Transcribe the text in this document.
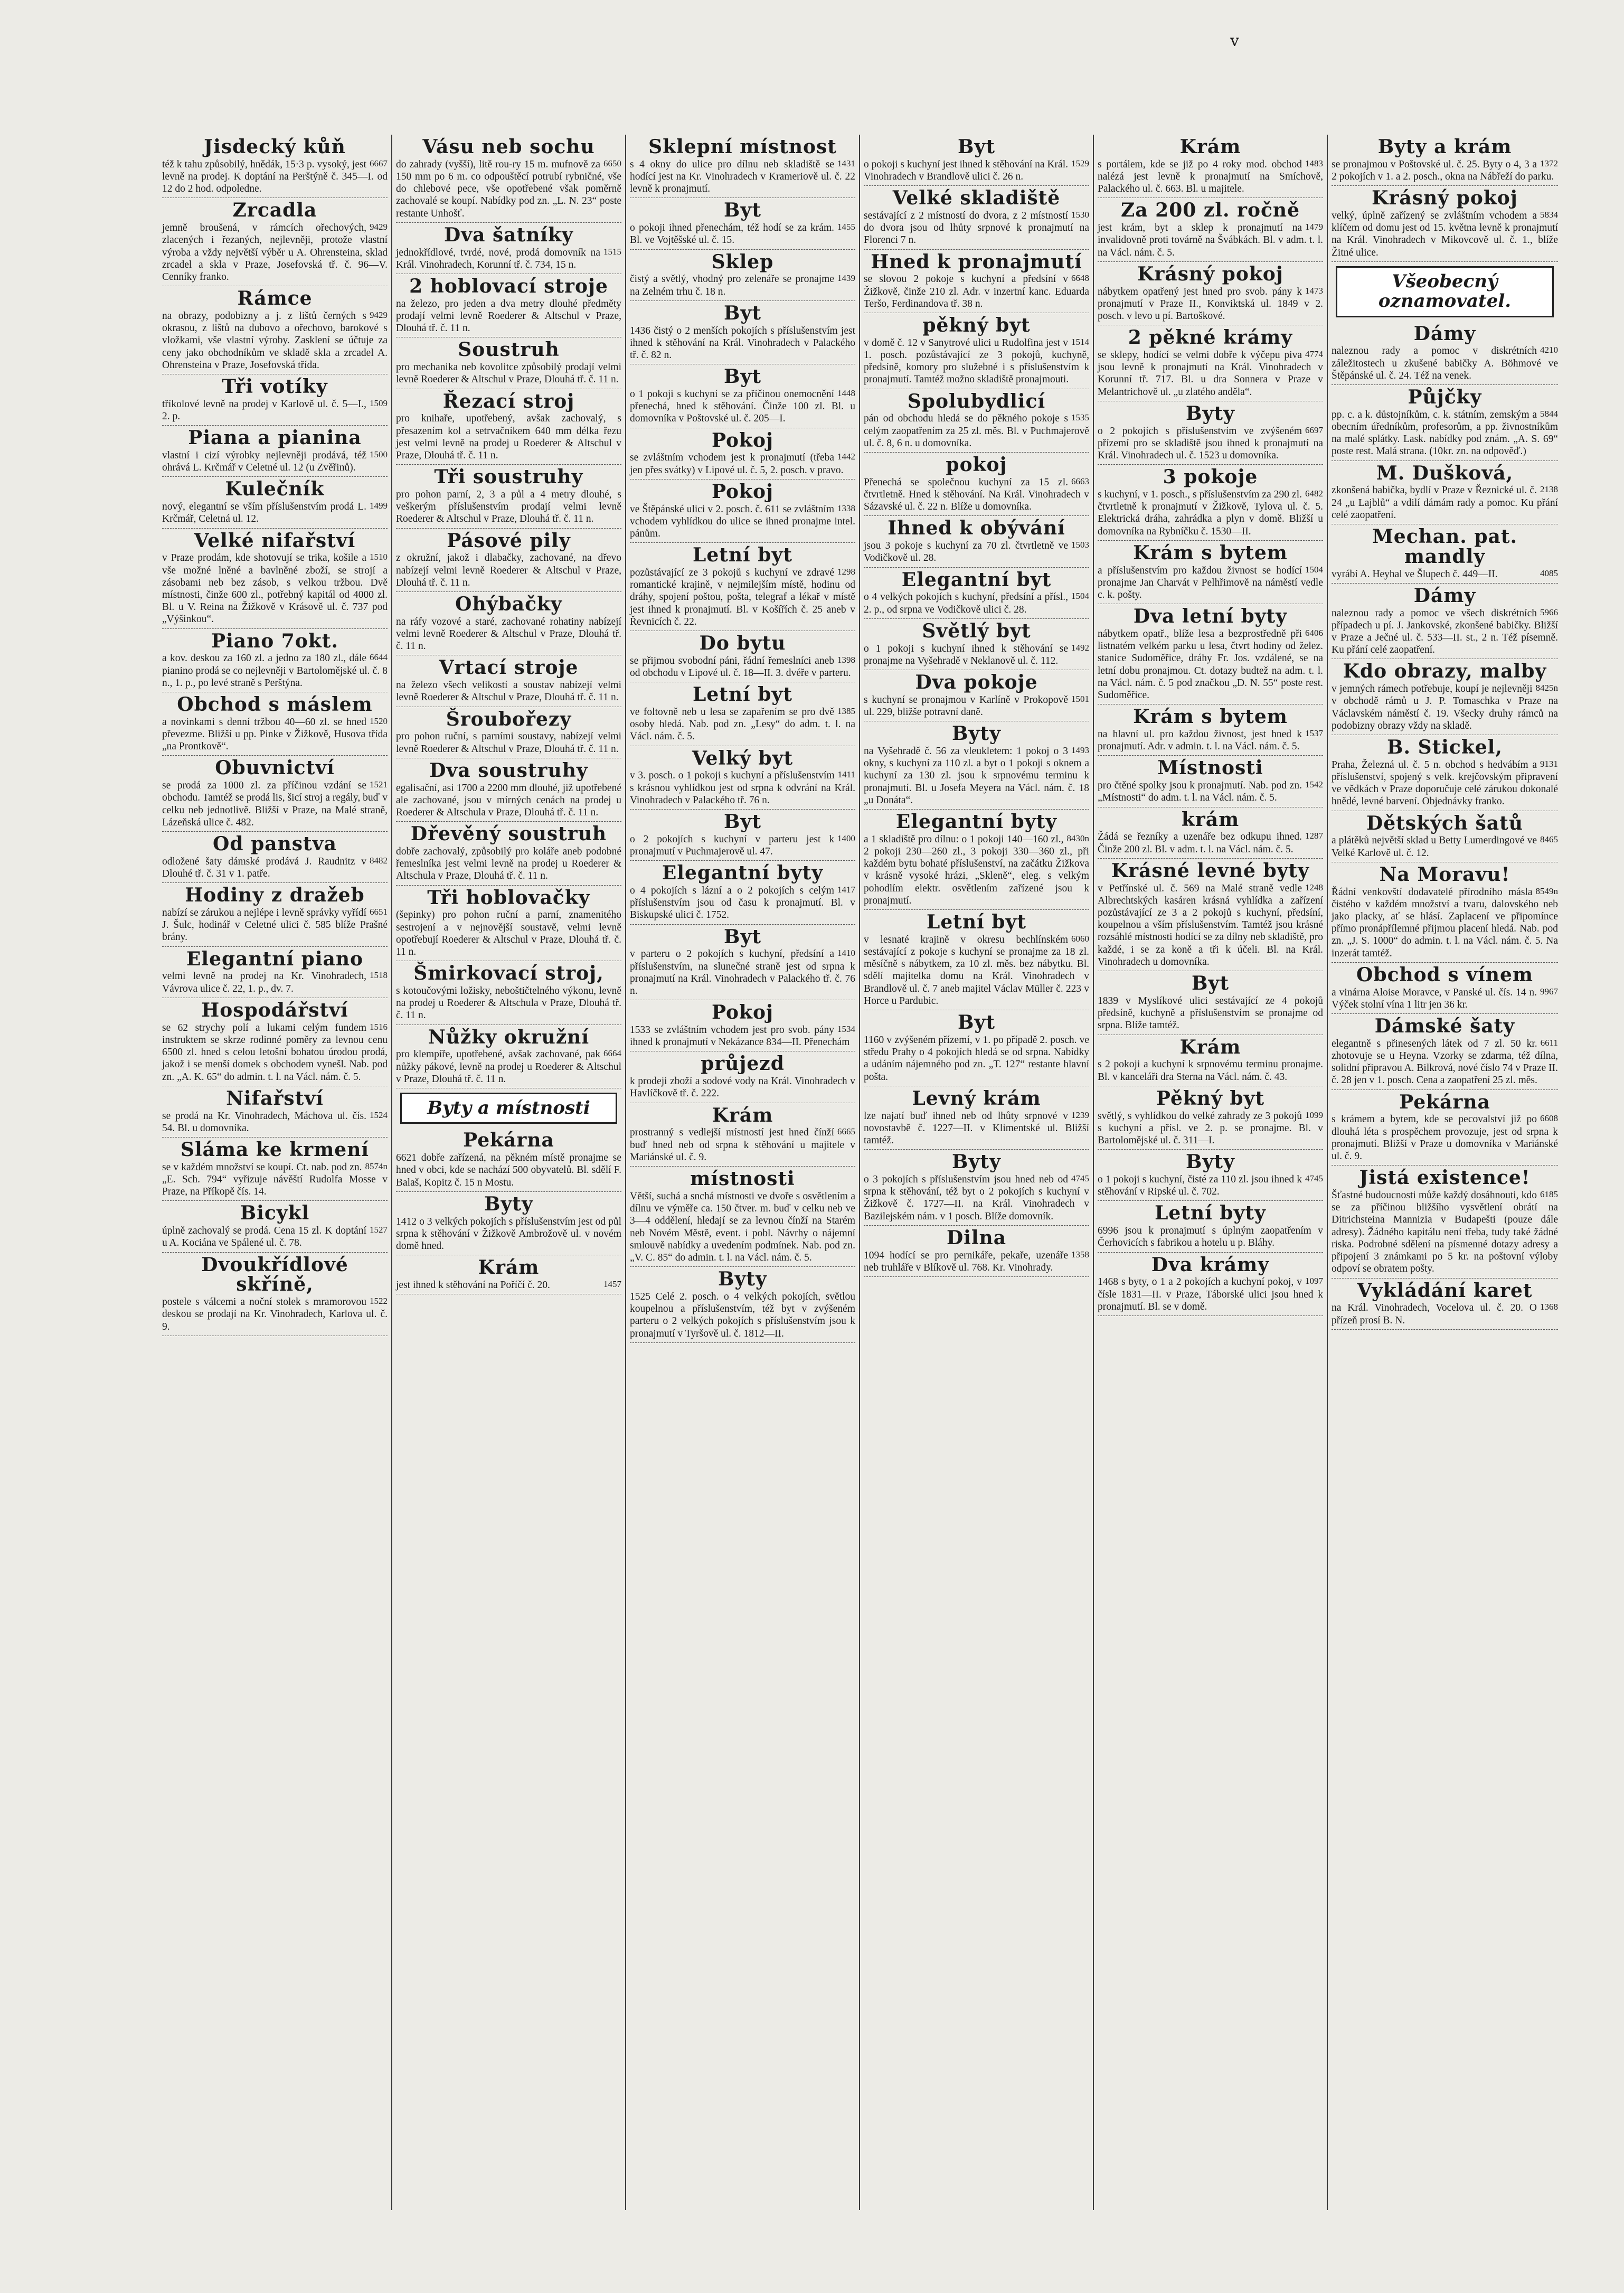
v
Jisdecký kůň
6667
též k tahu způsobilý, hnědák, 15·3 p. vysoký, jest levně na prodej. K doptání na Perštýně č. 345—I. od 12 do 2 hod. odpoledne.
Zrcadla
9429
jemně broušená, v rámcích ořechových, zlacených i řezaných, nejlevněji, protože vlastní výroba a vždy největší výběr u A. Ohrensteina, sklad zrcadel a skla v Praze, Josefovská tř. č. 96—V. Cenníky franko.
Rámce
9429
na obrazy, podobizny a j. z lištů černých s okrasou, z lištů na dubovo a ořechovo, barokové s vložkami, vše vlastní výroby. Zasklení se účtuje za ceny jako obchodníkům ve skladě skla a zrcadel A. Ohrensteina v Praze, Josefovská třída.
Tři votíky
1509
tříkolové levně na prodej v Karlově ul. č. 5—I., 2. p.
Piana a pianina
1500
vlastní i cizí výrobky nejlevněji prodává, též ohrává L. Krčmář v Celetné ul. 12 (u Zvěřinů).
Kulečník
1499
nový, elegantní se vším příslušenstvím prodá L. Krčmář, Celetná ul. 12.
Velké nifařství
1510
v Praze prodám, kde shotovují se trika, košile a vše možné lněné a bavlněné zboží, se strojí a zásobami neb bez zásob, s velkou tržbou. Dvě místnosti, činže 600 zl., potřebný kapitál od 4000 zl. Bl. u V. Reina na Žižkově v Krásově ul. č. 737 pod „Výšinkou“.
Piano 7okt.
6644
a kov. deskou za 160 zl. a jedno za 180 zl., dále pianino prodá se co nejlevněji v Bartolomějské ul. č. 8 n., 1. p., po levé straně s Perštýna.
Obchod s máslem
1520
a novinkami s denní tržbou 40—60 zl. se hned převezme. Bližší u pp. Pinke v Žižkově, Husova třída „na Prontkově“.
Obuvnictví
1521
se prodá za 1000 zl. za příčinou vzdání se obchodu. Tamtéž se prodá lis, šicí stroj a regály, buď v celku neb jednotlivě. Bližší v Praze, na Malé straně, Lázeňská ulice č. 482.
Od panstva
8482
odložené šaty dámské prodává J. Raudnitz v Dlouhé tř. č. 31 v 1. patře.
Hodiny z dražeb
6651
nabízí se zárukou a nejlépe i levně správky vyřídí J. Šulc, hodinář v Celetné ulici č. 585 blíže Prašné brány.
Elegantní piano
1518
velmi levně na prodej na Kr. Vinohradech, Vávrova ulice č. 22, 1. p., dv. 7.
Hospodářství
1516
se 62 strychy polí a lukami celým fundem instruktem se skrze rodinné poměry za levnou cenu 6500 zl. hned s celou letošní bohatou úrodou prodá, jakož i se menší domek s obchodem vynešl. Nab. pod zn. „A. K. 65“ do admin. t. l. na Václ. nám. č. 5.
Nifařství
1524
se prodá na Kr. Vinohradech, Máchova ul. čís. 54. Bl. u domovníka.
Sláma ke krmení
8574n
se v každém množství se koupí. Ct. nab. pod zn. „E. Sch. 794“ vyřizuje návěští Rudolfa Mosse v Praze, na Příkopě čís. 14.
Bicykl
1527
úplně zachovalý se prodá. Cena 15 zl. K doptání u A. Kociána ve Spálené ul. č. 78.
Dvoukřídlové skříně,
1522
postele s válcemi a noční stolek s mramorovou deskou se prodají na Kr. Vinohradech, Karlova ul. č. 9.
Vásu neb sochu
6650
do zahrady (vyšší), litě rou-ry 15 m. mufnově za 150 mm po 6 m. co odpouštěcí potrubí rybničné, vše do chlebové pece, vše opotřebené však poměrně zachovalé se koupí. Nabídky pod zn. „L. N. 23“ poste restante Unhošť.
Dva šatníky
1515
jednokřídlové, tvrdé, nové, prodá domovník na Král. Vinohradech, Korunní tř. č. 734, 15 n.
2 hoblovací stroje
na železo, pro jeden a dva metry dlouhé předměty prodají velmi levně Roederer & Altschul v Praze, Dlouhá tř. č. 11 n.
Soustruh
pro mechanika neb kovolitce způsobilý prodají velmi levně Roederer & Altschul v Praze, Dlouhá tř. č. 11 n.
Řezací stroj
pro knihaře, upotřebený, avšak zachovalý, s přesazením kol a setrvačníkem 640 mm délka řezu jest velmi levně na prodej u Roederer & Altschul v Praze, Dlouhá tř. č. 11 n.
Tři soustruhy
pro pohon parní, 2, 3 a půl a 4 metry dlouhé, s veškerým příslušenstvím prodají velmi levně Roederer & Altschul v Praze, Dlouhá tř. č. 11 n.
Pásové pily
z okružní, jakož i dlabačky, zachované, na dřevo nabízejí velmi levně Roederer & Altschul v Praze, Dlouhá tř. č. 11 n.
Ohýbačky
na ráfy vozové a staré, zachované rohatiny nabízejí velmi levně Roederer & Altschul v Praze, Dlouhá tř. č. 11 n.
Vrtací stroje
na železo všech velikostí a soustav nabízejí velmi levně Roederer & Altschul v Praze, Dlouhá tř. č. 11 n.
Šroubořezy
pro pohon ruční, s parními soustavy, nabízejí velmi levně Roederer & Altschul v Praze, Dlouhá tř. č. 11 n.
Dva soustruhy
egalisační, asi 1700 a 2200 mm dlouhé, již upotřebené ale zachované, jsou v mírných cenách na prodej u Roederer & Altschula v Praze, Dlouhá tř. č. 11 n.
Dřevěný soustruh
dobře zachovalý, způsobilý pro koláře aneb podobné řemeslníka jest velmi levně na prodej u Roederer & Altschula v Praze, Dlouhá tř. č. 11 n.
Tři hoblovačky
(šepinky) pro pohon ruční a parní, znamenitého sestrojení a v nejnovější soustavě, velmi levně opotřebují Roederer & Altschul v Praze, Dlouhá tř. č. 11 n.
Šmirkovací stroj,
s kotoučovými ložisky, neboštičtelného výkonu, levně na prodej u Roederer & Altschula v Praze, Dlouhá tř. č. 11 n.
Nůžky okružní
6664
pro klempíře, upotřebené, avšak zachované, pak nůžky pákové, levně na prodej u Roederer & Altschul v Praze, Dlouhá tř. č. 11 n.
Byty a místnosti
Pekárna
6621 dobře zařízená, na pěkném místě pronajme se hned v obci, kde se nachází 500 obyvatelů. Bl. sdělí F. Balaš, Kopitz č. 15 n Mostu.
Byty
1412 o 3 velkých pokojích s příslušenstvím jest od půl srpna k stěhování v Žižkově Ambrožově ul. v novém domě hned.
Krám
1457
jest ihned k stěhování na Poříčí č. 20.
Sklepní místnost
1431
s 4 okny do ulice pro dílnu neb skladiště se hodící jest na Kr. Vinohradech v Krameriově ul. č. 22 levně k pronajmutí.
Byt
1455
o pokoji ihned přenechám, též hodí se za krám. Bl. ve Vojtěšské ul. č. 15.
Sklep
1439
čistý a světlý, vhodný pro zelenáře se pronajme na Zelném trhu č. 18 n.
Byt
1436 čistý o 2 menších pokojích s příslušenstvím jest ihned k stěhování na Král. Vinohradech v Palackého tř. č. 82 n.
Byt
1448
o 1 pokoji s kuchyní se za příčinou onemocnění přenechá, hned k stěhování. Činže 100 zl. Bl. u domovníka v Poštovské ul. č. 205—I.
Pokoj
1442
se zvláštním vchodem jest k pronajmutí (třeba jen přes svátky) v Lipové ul. č. 5, 2. posch. v pravo.
Pokoj
1338
ve Štěpánské ulici v 2. posch. č. 611 se zvláštním vchodem vyhlídkou do ulice se ihned pronajme intel. pánům.
Letní byt
1298
pozůstávající ze 3 pokojů s kuchyní ve zdravé romantické krajině, v nejmilejším místě, hodinu od dráhy, spojení poštou, pošta, telegraf a lékař v místě jest ihned k pronajmutí. Bl. v Košířích č. 25 aneb v Řevnicích č. 22.
Do bytu
1398
se přijmou svobodní páni, řádní řemeslníci aneb od obchodu v Lipové ul. č. 18—II. 3. dvéře v parteru.
Letní byt
1385
ve foltovně neb u lesa se zapařením se pro dvě osoby hledá. Nab. pod zn. „Lesy“ do adm. t. l. na Václ. nám. č. 5.
Velký byt
1411
v 3. posch. o 1 pokoji s kuchyní a příslušenstvím s krásnou vyhlídkou jest od srpna k odvrání na Král. Vinohradech v Palackého tř. 76 n.
Byt
1400
o 2 pokojích s kuchyní v parteru jest k pronajmutí v Puchmajerově ul. 47.
Elegantní byty
1417
o 4 pokojích s lázní a o 2 pokojích s celým příslušenstvím jsou od času k pronajmutí. Bl. v Biskupské ulici č. 1752.
Byt
1410
v parteru o 2 pokojích s kuchyní, předsíní a příslušenstvím, na slunečné straně jest od srpna k pronajmutí na Král. Vinohradech v Palackého tř. č. 76 n.
Pokoj
1534
1533 se zvláštním vchodem jest pro svob. pány ihned k pronajmutí v Nekázance 834—II. Přenechám
průjezd
k prodeji zboží a sodové vody na Král. Vinohradech v Havlíčkově tř. č. 222.
Krám
6665
prostranný s vedlejší místností jest hned čínží buď hned neb od srpna k stěhování u majitele v Mariánské ul. č. 9.
místnosti
Větší, suchá a snchá místnosti ve dvoře s osvětlením a dílnu ve výměře ca. 150 čtver. m. buď v celku neb ve 3—4 oddělení, hledají se za levnou čínží na Starém neb Novém Městě, event. i pobl. Návrhy o nájemní smlouvě nabídky a uvedením podmínek. Nab. pod zn. „V. C. 85“ do admin. t. l. na Václ. nám. č. 5.
Byty
1525 Celé 2. posch. o 4 velkých pokojích, světlou koupelnou a příslušenstvím, též byt v zvýšeném parteru o 2 velkých pokojích s příslušenstvím jsou k pronajmutí v Tyršově ul. č. 1812—II.
Byt
1529
o pokoji s kuchyní jest ihned k stěhování na Král. Vinohradech v Brandlově ulici č. 26 n.
Velké skladiště
1530
sestávající z 2 místností do dvora, z 2 místností do dvora jsou od lhůty srpnové k pronajmutí na Florenci 7 n.
Hned k pronajmutí
6648
se slovou 2 pokoje s kuchyní a předsíní v Žižkově, činže 210 zl. Adr. v inzertní kanc. Eduarda Teršo, Ferdinandova tř. 38 n.
pěkný byt
1514
v domě č. 12 v Sanytrové ulici u Rudolfina jest v 1. posch. pozůstávající ze 3 pokojů, kuchyně, předsíně, komory pro služebné i s příslušenstvím k pronajmutí. Tamtéž možno skladiště pronajmouti.
Spolubydlicí
1535
pán od obchodu hledá se do pěkného pokoje s celým zaopatřením za 25 zl. měs. Bl. v Puchmajerově ul. č. 8, 6 n. u domovníka.
pokoj
6663
Přenechá se společnou kuchyní za 15 zl. čtvrtletně. Hned k stěhování. Na Král. Vinohradech v Sázavské ul. č. 22 n. Blíže u domovníka.
Ihned k obývání
1503
jsou 3 pokoje s kuchyní za 70 zl. čtvrtletně ve Vodičkově ul. 28.
Elegantní byt
1504
o 4 velkých pokojích s kuchyní, předsíní a přísl., 2. p., od srpna ve Vodičkově ulici č. 28.
Světlý byt
1492
o 1 pokoji s kuchyní ihned k stěhování se pronajme na Vyšehradě v Neklanově ul. č. 112.
Dva pokoje
1501
s kuchyní se pronajmou v Karlíně v Prokopově ul. 229, bližše potravní daně.
Byty
1493
na Vyšehradě č. 56 za vleukletem: 1 pokoj o 3 okny, s kuchyní za 110 zl. a byt o 1 pokoji s oknem a kuchyní za 130 zl. jsou k srpnovému terminu k pronajmutí. Bl. u Josefa Meyera na Václ. nám. č. 18 „u Donáta“.
Elegantní byty
8430n
a 1 skladiště pro dílnu: o 1 pokoji 140—160 zl., 2 pokoji 230—260 zl., 3 pokoji 330—360 zl., při každém bytu bohaté příslušenství, na začátku Žižkova v krásně vysoké hrázi, „Skleně“, eleg. s velkým pohodlím elektr. osvětlením zařízené jsou k pronajmutí.
Letní byt
6060
v lesnaté krajině v okresu bechlínském sestávající z pokoje s kuchyní se pronajme za 18 zl. měsíčně s nábytkem, za 10 zl. měs. bez nábytku. Bl. sdělí majitelka domu na Král. Vinohradech v Brandlově ul. č. 7 aneb majitel Václav Müller č. 223 v Horce u Pardubic.
Byt
1160 v zvýšeném přízemí, v 1. po případě 2. posch. ve středu Prahy o 4 pokojích hledá se od srpna. Nabídky a udáním nájemného pod zn. „T. 127“ restante hlavní pošta.
Levný krám
1239
lze najatí buď ihned neb od lhůty srpnové v novostavbě č. 1227—II. v Klimentské ul. Bližší tamtéž.
Byty
4745
o 3 pokojích s příslušenstvím jsou hned neb od srpna k stěhování, též byt o 2 pokojích s kuchyní v Žižkově č. 1727—II. na Král. Vinohradech v Bazilejském nám. v 1 posch. Blíže domovník.
Dilna
1358
1094 hodící se pro pernikáře, pekaře, uzenáře neb truhláře v Blíkově ul. 768. Kr. Vinohrady.
Krám
1483
s portálem, kde se již po 4 roky mod. obchod nalézá jest levně k pronajmutí na Smíchově, Palackého ul. č. 663. Bl. u majitele.
Za 200 zl. ročně
1479
jest krám, byt a sklep k pronajmutí na invalidovně proti továrně na Švábkách. Bl. v adm. t. l. na Václ. nám. č. 5.
Krásný pokoj
1473
nábytkem opatřený jest hned pro svob. pány k pronajmutí v Praze II., Konviktská ul. 1849 v 2. posch. v levo u pí. Bartoškové.
2 pěkné krámy
4774
se sklepy, hodící se velmi dobře k výčepu piva jsou levně k pronajmutí na Král. Vinohradech v Korunní tř. 717. Bl. u dra Sonnera v Praze v Melantrichově ul. „u zlatého anděla“.
Byty
6697
o 2 pokojích s příslušenstvím ve zvýšeném přízemí pro se skladiště jsou ihned k pronajmutí na Král. Vinohradech ul. č. 1523 u domovníka.
3 pokoje
6482
s kuchyní, v 1. posch., s příslušenstvím za 290 zl. čtvrtletně k pronajmutí v Žižkově, Tylova ul. č. 5. Elektrická dráha, zahrádka a plyn v domě. Bližší u domovníka na Rybníčku č. 1530—II.
Krám s bytem
1504
a příslušenstvím pro každou živnost se hodící pronajme Jan Charvát v Pelhřimově na náměstí vedle c. k. pošty.
Dva letní byty
6406
nábytkem opatř., blíže lesa a bezprostředně při listnatém velkém parku u lesa, čtvrt hodiny od želez. stanice Sudoměřice, dráhy Fr. Jos. vzdálené, se na letní dobu pronajmou. Ct. dotazy budtež na adm. t. l. na Václ. nám. č. 5 pod značkou „D. N. 55“ poste rest. Sudoměřice.
Krám s bytem
1537
na hlavní ul. pro každou živnost, jest hned k pronajmutí. Adr. v admin. t. l. na Václ. nám. č. 5.
Místnosti
1542
pro čtěné spolky jsou k pronajmutí. Nab. pod zn. „Místnosti“ do adm. t. l. na Václ. nám. č. 5.
krám
1287
Žádá se řezníky a uzenáře bez odkupu ihned. Činže 200 zl. Bl. v adm. t. l. na Václ. nám. č. 5.
Krásné levné byty
1248
v Petřínské ul. č. 569 na Malé straně vedle Albrechtských kasáren krásná vyhlídka a zařízení pozůstávající ze 3 a 2 pokojů s kuchyní, předsíní, koupelnou a vším příslušenstvím. Tamtéž jsou krásné rozsáhlé místnosti hodící se za dílny neb skladiště, pro každé, i se za koně a tři k účeli. Bl. na Král. Vinohradech u domovníka.
Byt
1839 v Myslíkové ulici sestávající ze 4 pokojů předsíně, kuchyně a příslušenstvím se pronajme od srpna. Blíže tamtéž.
Krám
s 2 pokoji a kuchyní k srpnovému terminu pronajme. Bl. v kanceláři dra Sterna na Václ. nám. č. 43.
Pěkný byt
1099
světlý, s vyhlídkou do velké zahrady ze 3 pokojů s kuchyní a přísl. ve 2. p. se pronajme. Bl. v Bartolomějské ul. č. 311—I.
Byty
4745
o 1 pokoji s kuchyní, čisté za 110 zl. jsou ihned k stěhování v Ripské ul. č. 702.
Letní byty
6996 jsou k pronajmutí s úplným zaopatřením v Čerhovicích s fabrikou a hotelu u p. Bláhy.
Dva krámy
1097
1468 s byty, o 1 a 2 pokojích a kuchyní pokoj, v čísle 1831—II. v Praze, Táborské ulici jsou hned k pronajmutí. Bl. se v domě.
Byty a krám
1372
se pronajmou v Poštovské ul. č. 25. Byty o 4, 3 a 2 pokojích v 1. a 2. posch., okna na Nábřeží do parku.
Krásný pokoj
5834
velký, úplně zařízený se zvláštním vchodem a klíčem od domu jest od 15. května levně k pronajmutí na Král. Vinohradech v Mikovcově ul. č. 1., blíže Žitné ulice.
Všeobecný oznamovatel.
Dámy
4210
naleznou rady a pomoc v diskrétních záležitostech u zkušené babičky A. Böhmové ve Štěpánské ul. č. 24. Též na venek.
Půjčky
5844
pp. c. a k. důstojníkům, c. k. státním, zemským a obecním úředníkům, profesorům, a pp. živnostníkům na malé splátky. Lask. nabídky pod znám. „A. S. 69“ poste rest. Malá strana. (10kr. zn. na odpověď.)
M. Dušková,
2138
zkonšená babička, bydlí v Praze v Řeznické ul. č. 24 „u Lajblů“ a vdilí dámám rady a pomoc. Ku přání celé zaopatření.
Mechan. pat. mandly
4085
vyrábí A. Heyhal ve Šlupech č. 449—II.
Dámy
5966
naleznou rady a pomoc ve všech diskrétních případech u pí. J. Jankovské, zkonšené babičky. Bližší v Praze a Ječné ul. č. 533—II. st., 2 n. Též písemně. Ku přání celé zaopatření.
Kdo obrazy, malby
8425n
v jemných rámech potřebuje, koupí je nejlevněji v obchodě rámů u J. P. Tomaschka v Praze na Václavském náměstí č. 19. Všecky druhy rámců na podobizny obrazy vždy na skladě.
B. Stickel,
9131
Praha, Železná ul. č. 5 n. obchod s hedvábím a příslušenství, spojený s velk. krejčovským připravení ve vědkách v Praze doporučuje celé zárukou dokonalé hnědé, levné barvení. Objednávky franko.
Dětských šatů
8465
a plátěků největší sklad u Betty Lumerdingové ve Velké Karlově ul. č. 12.
Na Moravu!
8549n
Řádní venkovští dodavatelé přírodního másla čistého v každém množství a tvaru, dalovského neb jako placky, ať se hlásí. Zaplacení ve připomínce přímo pronápřílemné přijmou placení hledá. Nab. pod zn. „J. S. 1000“ do admin. t. l. na Václ. nám. č. 5. Na inzerát tamtéž.
Obchod s vínem
9967
a vinárna Aloise Moravce, v Panské ul. čís. 14 n. Výček stolní vína 1 litr jen 36 kr.
Dámské šaty
6611
elegantně s přinesených látek od 7 zl. 50 kr. zhotovuje se u Heyna. Vzorky se zdarma, též dílna, solidní připravou A. Bilkrová, nové číslo 74 v Praze II. č. 28 jen v 1. posch. Cena a zaopatření 25 zl. měs.
Pekárna
6608
s krámem a bytem, kde se pecovalství již po dlouhá léta s prospěchem provozuje, jest od srpna k pronajmutí. Bližší v Praze u domovníka v Mariánské ul. č. 9.
Jistá existence!
6185
Šťastné budoucnosti může každý dosáhnouti, kdo se za příčinou bližšího vysvětlení obrátí na Ditrichsteina Mannizia v Budapešti (pouze dále adresy). Žádného kapitálu není třeba, tudy také žádné riska. Podrobné sdělení na písmenné dotazy adresy a připojení 3 známkami po 5 kr. na poštovní výloby odpoví se obratem pošty.
Vykládání karet
1368
na Král. Vinohradech, Vocelova ul. č. 20. O přízeň prosí B. N.
